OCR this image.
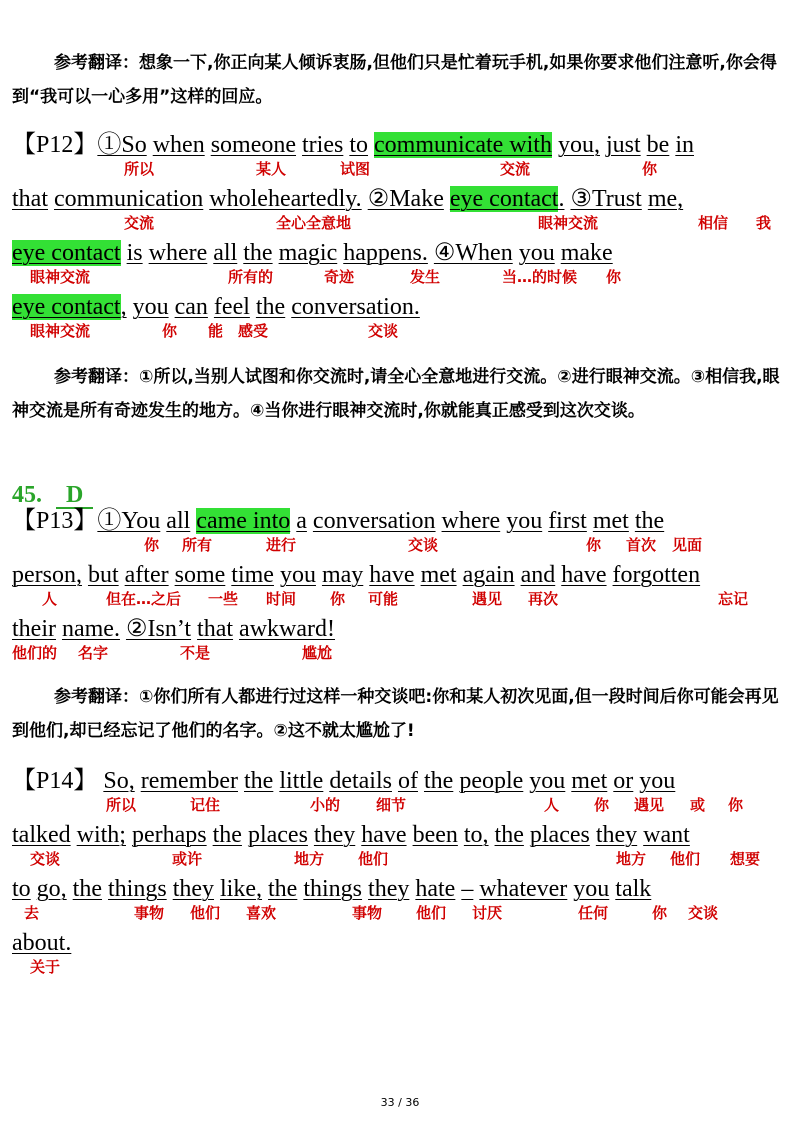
参考翻译：想象一下,你正向某人倾诉衷肠,但他们只是忙着玩手机,如果你要求他们注意听,你会得到“我可以一心多用”这样的回应。

【P12】①So when someone tries to communicate with you, just be in
所以	某人	试图	交流	你
that communication wholeheartedly. ②Make eye contact. ③Trust me,
交流	全心全意地	眼神交流	相信 我
eye contact is where all the magic happens. ④When you make
眼神交流	所有的	奇迹	发生	当…的时候 你
eye contact, you can feel the conversation.
眼神交流	你 能 感受	交谈

参考翻译：①所以,当别人试图和你交流时,请全心全意地进行交流。②进行眼神交流。③相信我,眼神交流是所有奇迹发生的地方。④当你进行眼神交流时,你就能真正感受到这次交谈。

45. D
【P13】①You all came into a conversation where you first met the
你 所有	进行	交谈	你 首次 见面
person, but after some time you may have met again and have forgotten
人	但在…之后 一些 时间 你 可能	遇见 再次	忘记
their name. ②Isn’t that awkward!
他们的 名字	不是	尴尬

参考翻译：①你们所有人都进行过这样一种交谈吧:你和某人初次见面,但一段时间后你可能会再见到他们,却已经忘记了他们的名字。②这不就太尴尬了!

【P14】 So, remember the little details of the people you met or you
所以	记住	小的 细节	人 你 遇见 或 你
talked with; perhaps the places they have been to, the places they want
交谈	或许	地方 他们	地方 他们 想要
to go, the things they like, the things they hate – whatever you talk
去	事物 他们 喜欢	事物 他们 讨厌	任何	你 交谈
about.
关于
33 / 36
